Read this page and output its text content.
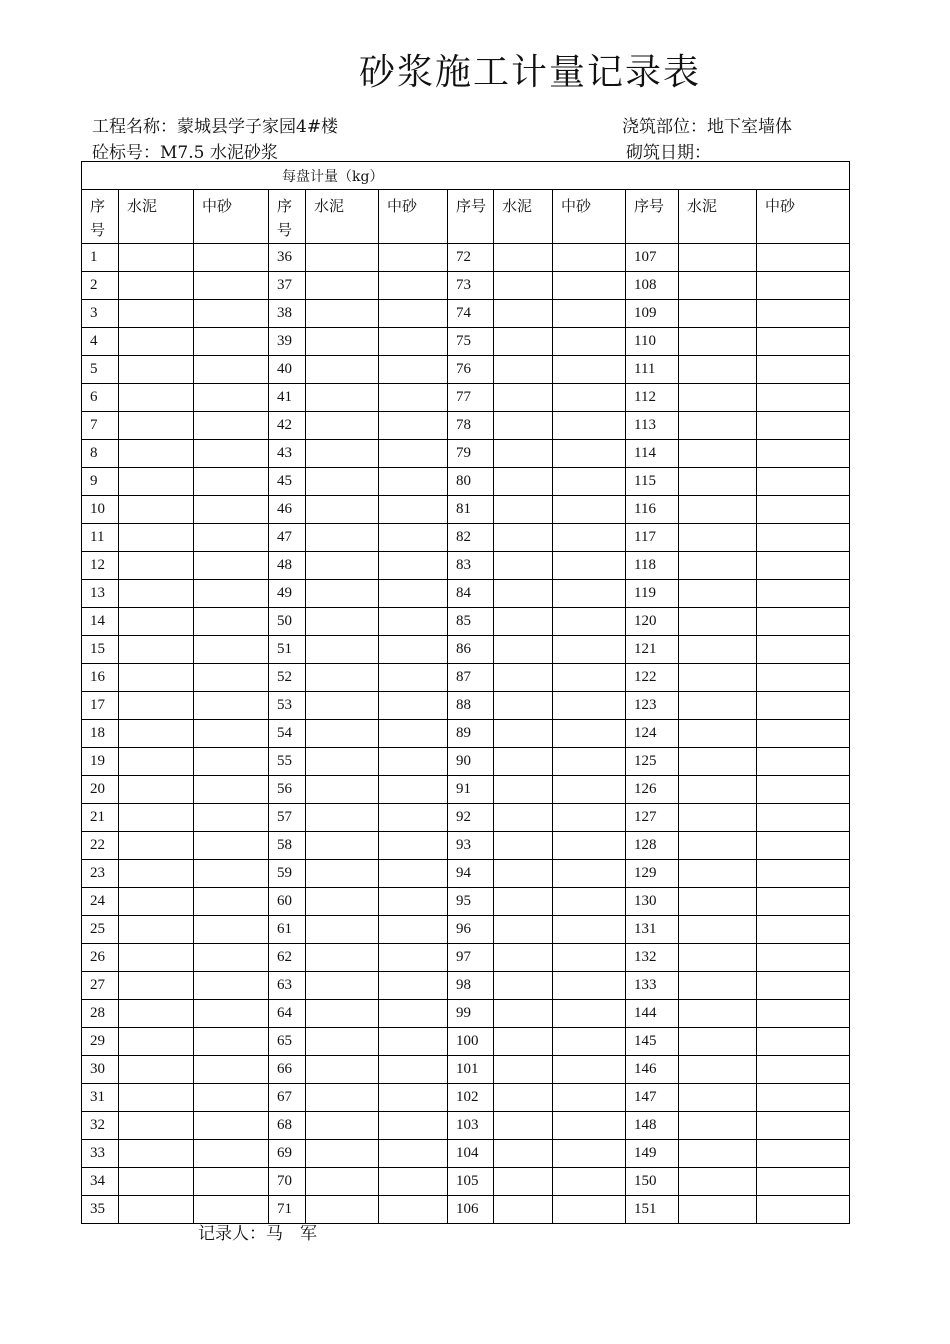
砂浆施工计量记录表
工程名称：蒙城县学子家园4#楼	浇筑部位：地下室墙体
砼标号：M7.5 水泥砂浆	砌筑日期：
每盘计量（kg）											
序号	水泥	中砂	序号	水泥	中砂	序号	水泥	中砂	序号	水泥	中砂
1			36			72			107		
2			37			73			108		
3			38			74			109		
4			39			75			110		
5			40			76			111		
6			41			77			112		
7			42			78			113		
8			43			79			114		
9			45			80			115		
10			46			81			116		
11			47			82			117		
12			48			83			118		
13			49			84			119		
14			50			85			120		
15			51			86			121		
16			52			87			122		
17			53			88			123		
18			54			89			124		
19			55			90			125		
20			56			91			126		
21			57			92			127		
22			58			93			128		
23			59			94			129		
24			60			95			130		
25			61			96			131		
26			62			97			132		
27			63			98			133		
28			64			99			144		
29			65			100			145		
30			66			101			146		
31			67			102			147		
32			68			103			148		
33			69			104			149		
34			70			105			150		
35			71			106			151		
记录人：马　军
